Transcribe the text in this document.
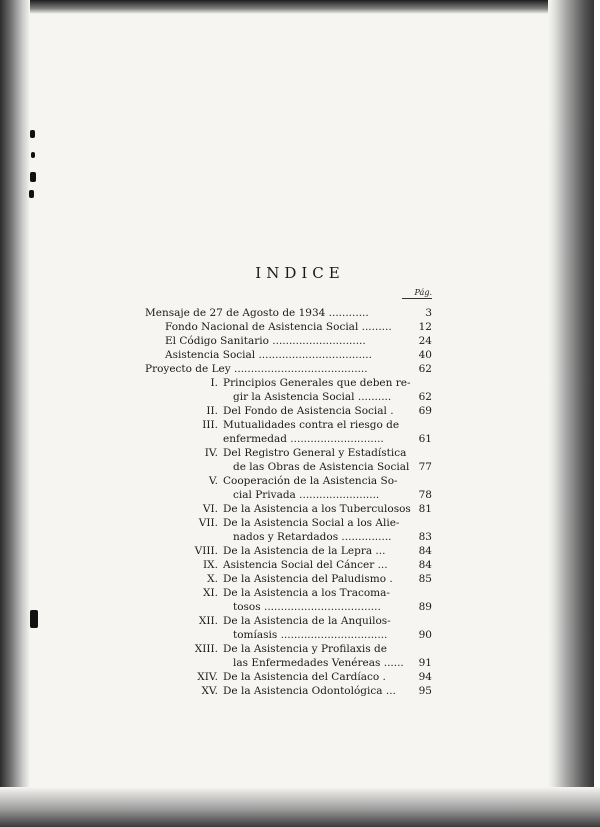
INDICE
Pág.
Mensaje de 27 de Agosto de 1934 ............	3
Fondo Nacional de Asistencia Social .........	12
El Código Sanitario ............................	24
Asistencia Social ..................................	40
Proyecto de Ley ........................................	62
I. Principios Generales que deben re-
gir la Asistencia Social ..........	62
II. Del Fondo de Asistencia Social .	69
III. Mutualidades contra el riesgo de
enfermedad ............................	61
IV. Del Registro General y Estadística
de las Obras de Asistencia Social 77
V. Cooperación de la Asistencia So-
cial Privada ........................	78
VI. De la Asistencia a los Tuberculosos 81
VII. De la Asistencia Social a los Alie-
nados y Retardados ...............	83
VIII. De la Asistencia de la Lepra ...	84
IX. Asistencia Social del Cáncer ...	84
X. De la Asistencia del Paludismo .	85
XI. De la Asistencia a los Tracoma-
tosos ...................................	89
XII. De la Asistencia de la Anquilos-
tomíasis ................................	90
XIII. De la Asistencia y Profilaxis de
las Enfermedades Venéreas ......	91
XIV. De la Asistencia del Cardíaco .	94
XV. De la Asistencia Odontológica ...	95
